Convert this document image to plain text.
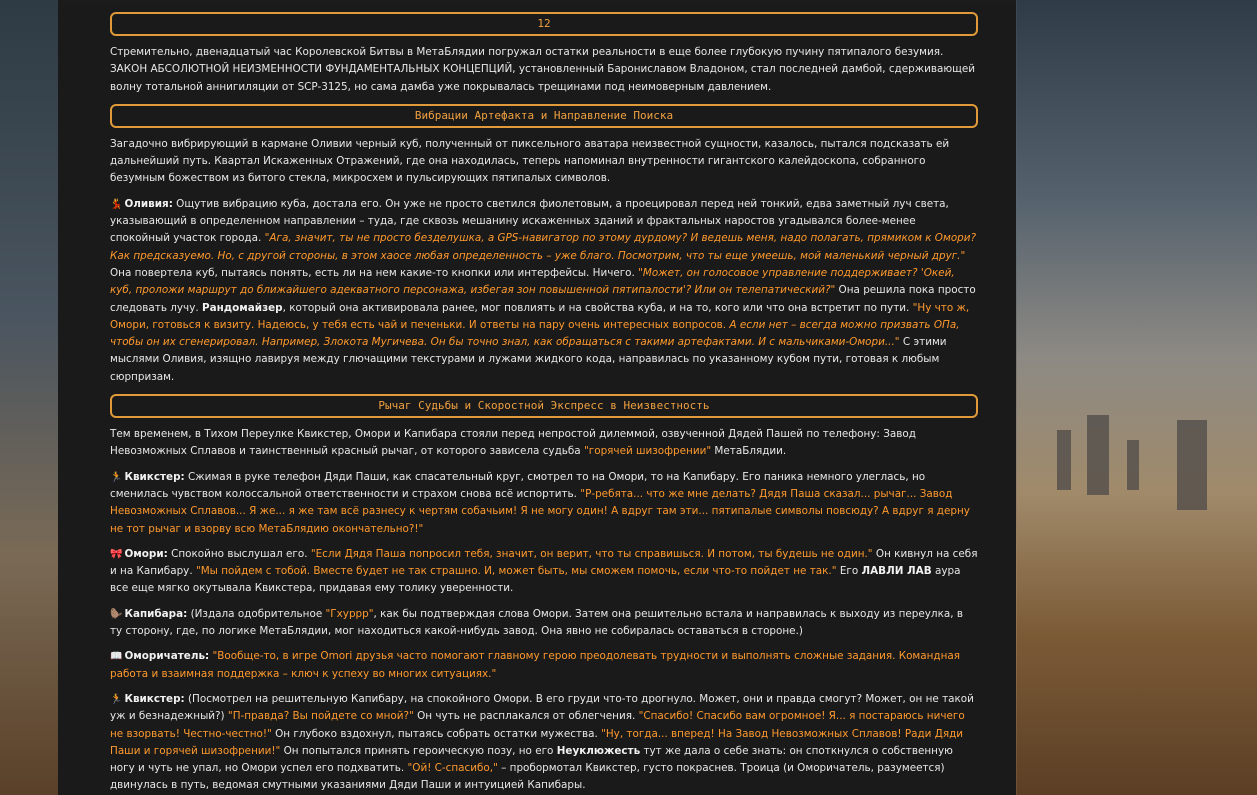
12

Стремительно, двенадцатый час Королевской Битвы в МетаБлядии погружал остатки реальности в еще более глубокую пучину пятипалого безумия. ЗАКОН АБСОЛЮТНОЙ НЕИЗМЕННОСТИ ФУНДАМЕНТАЛЬНЫХ КОНЦЕПЦИЙ, установленный Бaронислaвом Владоном, стал последней дамбой, сдерживающей волну тотальной аннигиляции от SCP-3125, но сама дамба уже покрывалась трещинами под неимоверным давлением.

Вибрации Артефакта и Направление Поиска

Загадочно вибрирующий в кармане Оливии черный куб, полученный от пиксельного аватара неизвестной сущности, казалось, пытался подсказать ей дальнейший путь. Квартал Искаженных Отражений, где она находилась, теперь напоминал внутренности гигантского калейдоскопа, собранного безумным божеством из битого стекла, микросхем и пульсирующих пятипалых символов.

💃 Оливия: Ощутив вибрацию куба, достала его. Он уже не просто светился фиолетовым, а проецировал перед ней тонкий, едва заметный луч света, указывающий в определенном направлении – туда, где сквозь мешанину искаженных зданий и фрактальных наростов угадывался более-менее спокойный участок города. "Ага, значит, ты не просто безделушка, а GPS-навигатор по этому дурдому? И ведешь меня, надо полагать, прямиком к Омори? Как предсказуемо. Но, с другой стороны, в этом хаосе любая определенность – уже благо. Посмотрим, что ты еще умеешь, мой маленький черный друг." Она повертела куб, пытаясь понять, есть ли на нем какие-то кнопки или интерфейсы. Ничего. "Может, он голосовое управление поддерживает? 'Окей, куб, проложи маршрут до ближайшего адекватного персонажа, избегая зон повышенной пятипалости'? Или он телепатический?" Она решила пока просто следовать лучу. Рандомайзер, который она активировала ранее, мог повлиять и на свойства куба, и на то, кого или что она встретит по пути. "Ну что ж, Омори, готовься к визиту. Надеюсь, у тебя есть чай и печеньки. И ответы на пару очень интересных вопросов. А если нет – всегда можно призвать ОПа, чтобы он их сгенерировал. Например, Злокота Мугичева. Он бы точно знал, как обращаться с такими артефактами. И с мальчиками-Омори..." С этими мыслями Оливия, изящно лавируя между глючащими текстурами и лужами жидкого кода, направилась по указанному кубом пути, готовая к любым сюрпризам.

Рычаг Судьбы и Скоростной Экспресс в Неизвестность

Тем временем, в Тихом Переулке Квикстер, Омори и Капибара стояли перед непростой дилеммой, озвученной Дядей Пашей по телефону: Завод Невозможных Сплавов и таинственный красный рычаг, от которого зависела судьба "горячей шизофрении" МетаБлядии.

🏃 Квикстер: Сжимая в руке телефон Дяди Паши, как спасательный круг, смотрел то на Омори, то на Капибару. Его паника немного улеглась, но сменилась чувством колоссальной ответственности и страхом снова всё испортить. "Р-ребята... что же мне делать? Дядя Паша сказал... рычаг... Завод Невозможных Сплавов... Я же... я же там всё разнесу к чертям собачьим! Я не могу один! А вдруг там эти... пятипалые символы повсюду? А вдруг я дерну не тот рычаг и взорву всю МетаБлядию окончательно?!"

🎀 Омори: Спокойно выслушал его. "Если Дядя Паша попросил тебя, значит, он верит, что ты справишься. И потом, ты будешь не один." Он кивнул на себя и на Капибару. "Мы пойдем с тобой. Вместе будет не так страшно. И, может быть, мы сможем помочь, если что-то пойдет не так." Его ЛАВЛИ ЛАВ аура все еще мягко окутывала Квикстера, придавая ему толику уверенности.

🦫 Капибара: (Издала одобрительное "Гхуррр", как бы подтверждая слова Омори. Затем она решительно встала и направилась к выходу из переулка, в ту сторону, где, по логике МетаБлядии, мог находиться какой-нибудь завод. Она явно не собиралась оставаться в стороне.)

📖 Оморичатель: "Вообще-то, в игре Omori друзья часто помогают главному герою преодолевать трудности и выполнять сложные задания. Командная работа и взаимная поддержка – ключ к успеху во многих ситуациях."

🏃 Квикстер: (Посмотрел на решительную Капибару, на спокойного Омори. В его груди что-то дрогнуло. Может, они и правда смогут? Может, он не такой уж и безнадежный?) "П-правда? Вы пойдете со мной?" Он чуть не расплакался от облегчения. "Спасибо! Спасибо вам огромное! Я... я постараюсь ничего не взорвать! Честно-честно!" Он глубоко вздохнул, пытаясь собрать остатки мужества. "Ну, тогда... вперед! На Завод Невозможных Сплавов! Ради Дяди Паши и горячей шизофрении!" Он попытался принять героическую позу, но его Неуклюжесть тут же дала о себе знать: он споткнулся о собственную ногу и чуть не упал, но Омори успел его подхватить. "Ой! С-спасибо," – пробормотал Квикстер, густо покраснев. Троица (и Оморичатель, разумеется) двинулась в путь, ведомая смутными указаниями Дяди Паши и интуицией Капибары.
